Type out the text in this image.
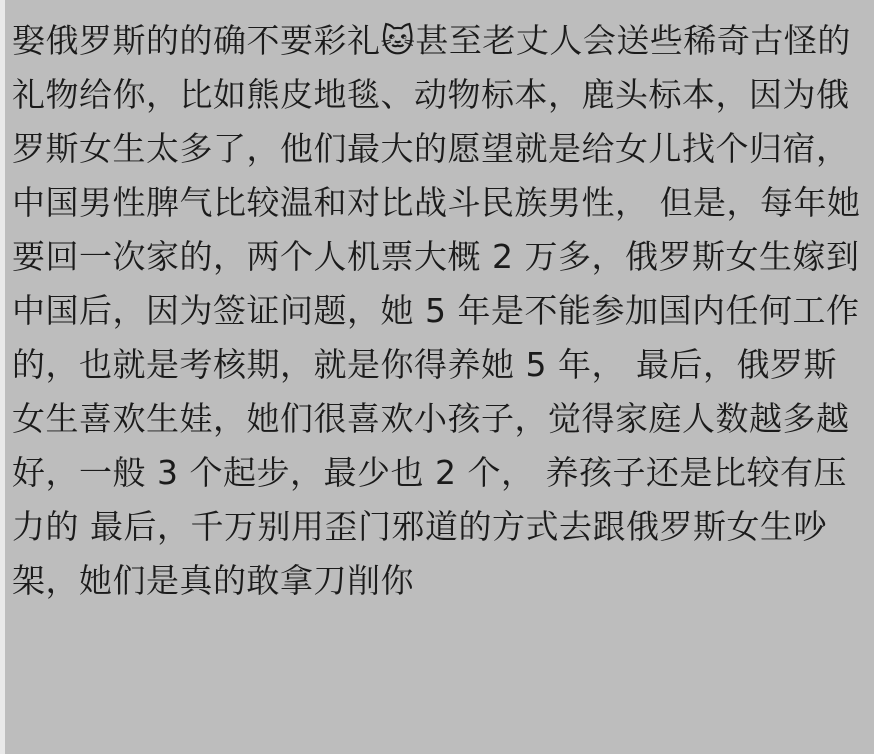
娶俄罗斯的的确不要彩礼🐱甚至老丈人会送些稀奇古怪的礼物给你，比如熊皮地毯、动物标本，鹿头标本，因为俄罗斯女生太多了，他们最大的愿望就是给女儿找个归宿，中国男性脾气比较温和对比战斗民族男性， 但是，每年她要回一次家的，两个人机票大概 2 万多，俄罗斯女生嫁到中国后，因为签证问题，她 5 年是不能参加国内任何工作的，也就是考核期，就是你得养她 5 年， 最后，俄罗斯女生喜欢生娃，她们很喜欢小孩子，觉得家庭人数越多越好，一般 3 个起步，最少也 2 个， 养孩子还是比较有压力的 最后，千万别用歪门邪道的方式去跟俄罗斯女生吵架，她们是真的敢拿刀削你
